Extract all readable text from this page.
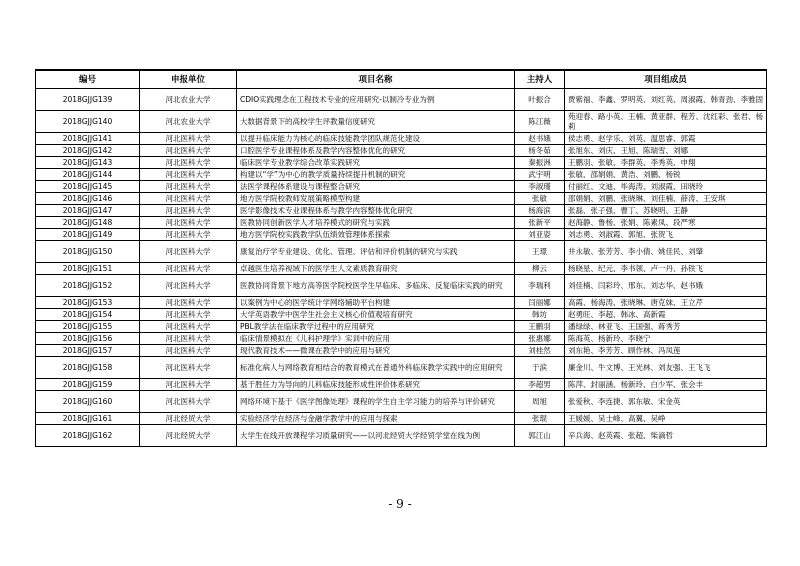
编号	申报单位	项目名称	主持人	项目组成员
2018GJJG139	河北农业大学	CDIO实践理念在工程技术专业的应用研究-以制冷专业为例	叶振合	贾紫福、李鑫、罗明英、刘红英、周淑霞、韩青劲、李雅固
2018GJJG140	河北农业大学	大数据背景下的高校学生评教量信度研究	陈江薇	苑迎春、路小英、王楠、黄亚群、程芳、沈红彩、张君、杨莉
2018GJJG141	河北医科大学	以提升临床能力为核心的临床技能教学团队规范化建设	赵书娥	侯志勇、赵学乐、刘英、温思睿、郭霞
2018GJJG142	河北医科大学	口腔医学专业课程体系及教学内容整体优化的研究	杨冬茹	张旭东、刘庆、王旭、陈瑞雪、刘娜
2018GJJG143	河北医科大学	临床医学专业教学综合改革实践研究	秦振洲	王鹏羽、张敏、李群英、李秀英、申翔
2018GJJG144	河北医科大学	构建以“学”为中心的教学质量持续提升机制的研究	武宇明	张敏、邵娟娟、黄浩、刘鹏、杨锐
2018GJJG145	河北医科大学	法医学课程体系建设与课程整合研究	李淑瑾	付丽红、文迪、毕海涛、刘淑霞、田晓玲
2018GJJG146	河北医科大学	地方医学院校教师发展策略模型构建	张敏	邵娟娟、刘鹏、张晓琳、刘佳楠、薛涛、王安琪
2018GJJG147	河北医科大学	医学影像技术专业课程体系与教学内容整体优化研究	杨海滨	张磊、张子强、曹丁、苏晓明、王静
2018GJJG148	河北医科大学	医教协同创新医学人才培养模式的研究与实践	张新平	赵海静、鲁杨、张娟、陈素凤、段严寒
2018GJJG149	河北医科大学	地方医学院校实践教学队伍绩效管理体系探索	刘亚姿	刘志勇、刘淑霞、郭旭、张贺飞
2018GJJG150	河北医科大学	康复治疗学专业建设、优化、管理、评估和评价机制的研究与实践	王璟	井永敏、张芳芳、李小倩、姚佳民、刘肇
2018GJJG151	河北医科大学	卓越医生培养视域下的医学生人文素质教育研究	柳云	杨晓星、纪元、李书领、卢一丹、孙铁飞
2018GJJG152	河北医科大学	医教协同背景下地方高等医学院校医学生早临床、多临床、反复临床实践的研究	李瑞利	刘佳楠、闫彩玲、邢东、刘志华、赵书娥
2018GJJG153	河北医科大学	以案例为中心的医学统计学网络辅助平台构建	闫丽娜	高霞、杨海涛、张晓琳、唐克妹、王立芹
2018GJJG154	河北医科大学	大学英语教学中医学生社会主义核心价值观培育研究	韩坊	赵勇旺、李超、韩冰、高新霞
2018GJJG155	河北医科大学	PBL教学法在临床教学过程中的应用研究	王鹏羽	潘绿绿、林亚飞、王国强、蒋秀芳
2018GJJG156	河北医科大学	临床情景模拟在《儿科护理学》实训中的应用	张惠娜	陈海英、杨新玲、李晓宁
2018GJJG157	河北医科大学	现代教育技术——微课在教学中的应用与研究	刘桂然	刘东艳、李芳芳、顾作林、冯凤莲
2018GJJG158	河北医科大学	标准化病人与网络教育相结合的教育模式在普通外科临床教学实践中的应用研究	于滨	廉金川、牛文博、王光林、刘友强、王飞飞
2018GJJG159	河北医科大学	基于胜任力为导向的儿科临床技能形成性评价体系研究	李超男	陈萍、封丽涵、杨新玲、白少军、张会丰
2018GJJG160	河北医科大学	网络环境下基于《医学图像处理》课程的学生自主学习能力的培养与评价研究	周旭	张爱秋、李连捷、郭东敏、宋金英
2018GJJG161	河北经贸大学	实验经济学在经济与金融学教学中的应用与探索	张琨	王媛媛、吴士峰、高翼、吴峥
2018GJJG162	河北经贸大学	大学生在线开放课程学习质量研究——以河北经贸大学经贸学堂在线为例	郭江山	辛兵海、赵英霞、张超、柴滴哲
- 9 -
